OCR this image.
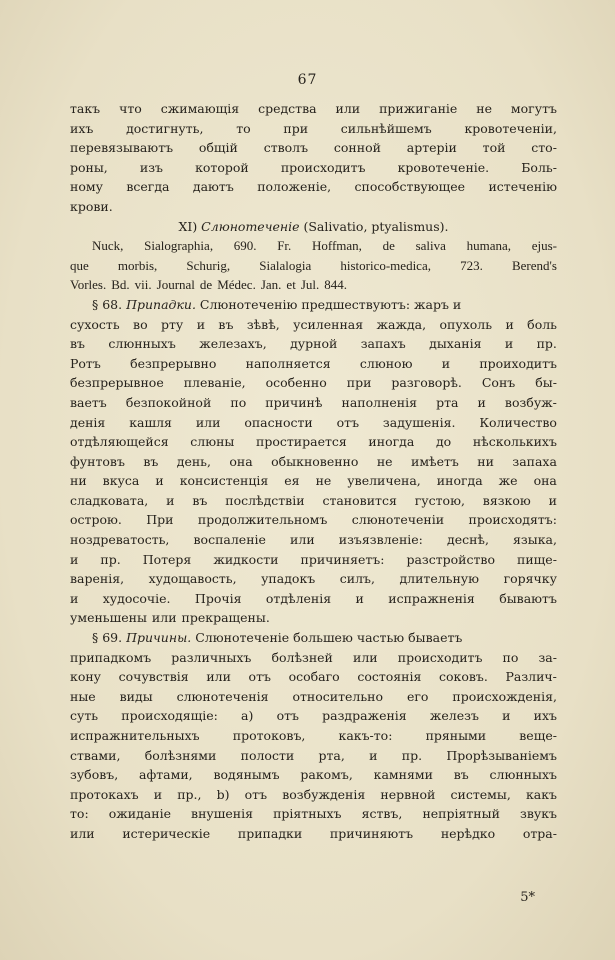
67
такъ что сжимающія средства или прижиганіе не могутъ
ихъ	достигнуть,	то	при	сильнѣйшемъ	кровотеченіи,
перевязываютъ общій стволъ сонной артеріи той сто-
роны,	изъ	которой	происходитъ	кровотеченіе.	Боль-
ному всегда даютъ положеніе, способствующее истеченію
крови.
XI) Слюнотеченіе (Salivatio, ptyalismus).
Nuck, Sialographia, 690. Fr. Hoffman, de saliva humana, ejus-
que morbis, Schurig, Sialalogia historico-medica, 723. Berend's
Vorles. Bd. vii. Journal de Médec. Jan. et Jul. 844.
§ 68. Припадки. Слюнотеченію предшествуютъ: жаръ и
сухость во рту и въ зѣвѣ, усиленная жажда, опухоль и боль
въ слюнныхъ железахъ, дурной запахъ дыханія и пр.
Ротъ безпрерывно наполняется слюною и проиходитъ
безпрерывное плеваніе, особенно при разговорѣ. Сонъ бы-
ваетъ безпокойной по причинѣ наполненія рта и возбуж-
денія кашля или опасности отъ задушенія. Количество
отдѣляющейся слюны простирается иногда до нѣсколькихъ
фунтовъ въ день, она обыкновенно не имѣетъ ни запаха
ни вкуса и консистенція ея не увеличена, иногда же она
сладковата, и въ послѣдствіи становится густою, вязкою и
острою. При продолжительномъ слюнотеченіи происходятъ:
ноздреватость, воспаленіе или изъязвленіе: деснѣ, языка,
и пр. Потеря жидкости причиняетъ: разстройство пище-
варенія, худощавость, упадокъ силъ, длительную горячку
и худосочіе. Прочія отдѣленія и испражненія бываютъ
уменьшены или прекращены.
§ 69. Причины. Слюнотеченіе большею частью бываетъ
припадкомъ различныхъ болѣзней или происходитъ по за-
кону сочувствія или отъ особаго состоянія соковъ. Различ-
ные виды слюнотеченія относительно его происхожденія,
суть происходящіе: a) отъ раздраженія железъ и ихъ
испражнительныхъ	протоковъ,	какъ-то:	пряными	веще-
ствами, болѣзнями полости рта, и пр. Прорѣзываніемъ
зубовъ, афтами, водянымъ ракомъ, камнями въ слюнныхъ
протокахъ и пр., b) отъ возбужденія нервной системы, какъ
то: ожиданіе внушенія пріятныхъ яствъ, непріятный звукъ
или истерическіе припадки причиняютъ нерѣдко отра-
5*
